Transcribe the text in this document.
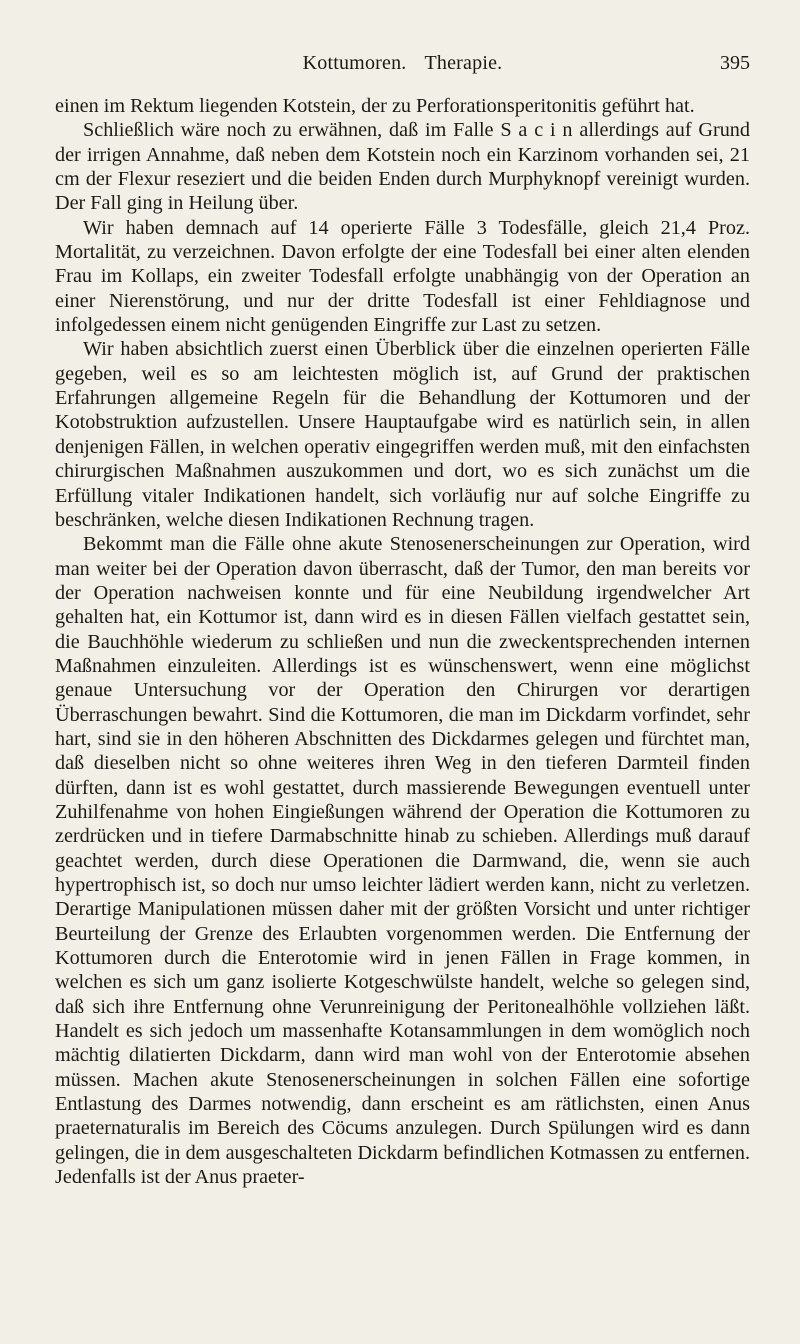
Kottumoren. Therapie.	395

einen im Rektum liegenden Kotstein, der zu Perforationsperitonitis geführt hat.

Schließlich wäre noch zu erwähnen, daß im Falle S a c i n allerdings auf Grund der irrigen Annahme, daß neben dem Kotstein noch ein Karzinom vorhanden sei, 21 cm der Flexur reseziert und die beiden Enden durch Murphyknopf vereinigt wurden. Der Fall ging in Heilung über.

Wir haben demnach auf 14 operierte Fälle 3 Todesfälle, gleich 21,4 Proz. Mortalität, zu verzeichnen. Davon erfolgte der eine Todesfall bei einer alten elenden Frau im Kollaps, ein zweiter Todesfall erfolgte unabhängig von der Operation an einer Nierenstörung, und nur der dritte Todesfall ist einer Fehldiagnose und infolgedessen einem nicht genügenden Eingriffe zur Last zu setzen.

Wir haben absichtlich zuerst einen Überblick über die einzelnen operierten Fälle gegeben, weil es so am leichtesten möglich ist, auf Grund der praktischen Erfahrungen allgemeine Regeln für die Behandlung der Kottumoren und der Kotobstruktion aufzustellen. Unsere Hauptaufgabe wird es natürlich sein, in allen denjenigen Fällen, in welchen operativ eingegriffen werden muß, mit den einfachsten chirurgischen Maßnahmen auszukommen und dort, wo es sich zunächst um die Erfüllung vitaler Indikationen handelt, sich vorläufig nur auf solche Eingriffe zu beschränken, welche diesen Indikationen Rechnung tragen.

Bekommt man die Fälle ohne akute Stenosenerscheinungen zur Operation, wird man weiter bei der Operation davon überrascht, daß der Tumor, den man bereits vor der Operation nachweisen konnte und für eine Neubildung irgendwelcher Art gehalten hat, ein Kottumor ist, dann wird es in diesen Fällen vielfach gestattet sein, die Bauchhöhle wiederum zu schließen und nun die zweckentsprechenden internen Maßnahmen einzuleiten. Allerdings ist es wünschenswert, wenn eine möglichst genaue Untersuchung vor der Operation den Chirurgen vor derartigen Überraschungen bewahrt. Sind die Kottumoren, die man im Dickdarm vorfindet, sehr hart, sind sie in den höheren Abschnitten des Dickdarmes gelegen und fürchtet man, daß dieselben nicht so ohne weiteres ihren Weg in den tieferen Darmteil finden dürften, dann ist es wohl gestattet, durch massierende Bewegungen eventuell unter Zuhilfenahme von hohen Eingießungen während der Operation die Kottumoren zu zerdrücken und in tiefere Darmabschnitte hinab zu schieben. Allerdings muß darauf geachtet werden, durch diese Operationen die Darmwand, die, wenn sie auch hypertrophisch ist, so doch nur umso leichter lädiert werden kann, nicht zu verletzen. Derartige Manipulationen müssen daher mit der größten Vorsicht und unter richtiger Beurteilung der Grenze des Erlaubten vorgenommen werden. Die Entfernung der Kottumoren durch die Enterotomie wird in jenen Fällen in Frage kommen, in welchen es sich um ganz isolierte Kotgeschwülste handelt, welche so gelegen sind, daß sich ihre Entfernung ohne Verunreinigung der Peritonealhöhle vollziehen läßt. Handelt es sich jedoch um massenhafte Kotansammlungen in dem womöglich noch mächtig dilatierten Dickdarm, dann wird man wohl von der Enterotomie absehen müssen. Machen akute Stenosenerscheinungen in solchen Fällen eine sofortige Entlastung des Darmes notwendig, dann erscheint es am rätlichsten, einen Anus praeternaturalis im Bereich des Cöcums anzulegen. Durch Spülungen wird es dann gelingen, die in dem ausgeschalteten Dickdarm befindlichen Kotmassen zu entfernen. Jedenfalls ist der Anus praeter-
